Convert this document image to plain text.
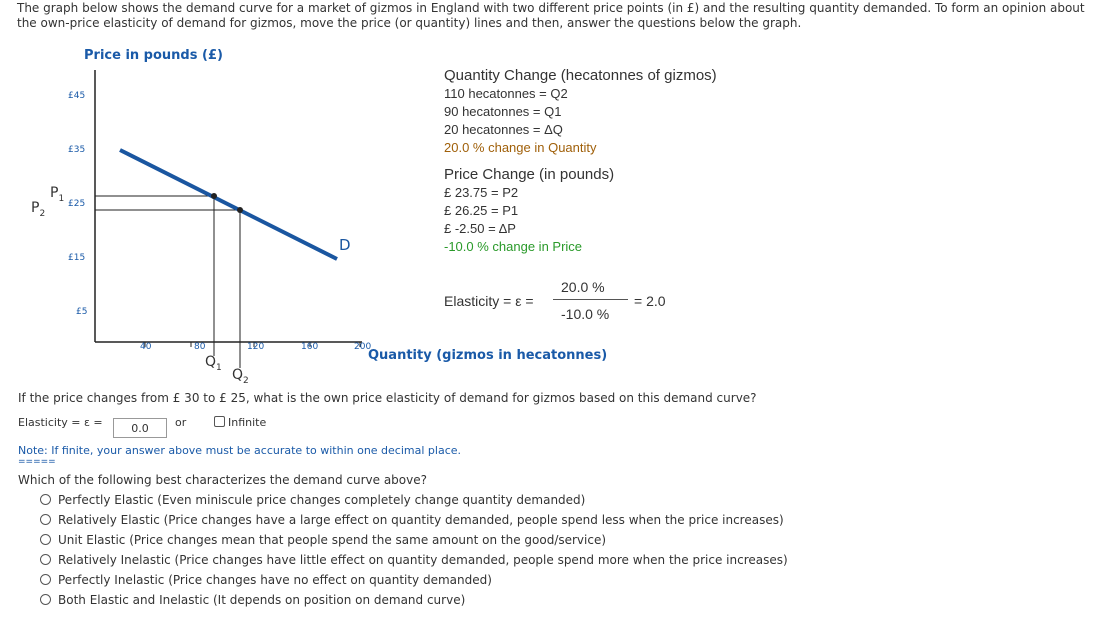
The graph below shows the demand curve for a market of gizmos in England with two different price points (in £) and the resulting quantity demanded. To form an opinion about the own-price elasticity of demand for gizmos, move the price (or quantity) lines and then, answer the questions below the graph.
Price in pounds (£)
£45
£35
£25
£15
£5
40	80	120	160	200
$P_1$
$P_2$
$Q_1$ $Q_2$
D
Quantity (gizmos in hecatonnes)
Quantity Change (hecatonnes of gizmos)
110 hecatonnes = Q2
90 hecatonnes = Q1
20 hecatonnes = ΔQ
20.0 % change in Quantity
Price Change (in pounds)
£ 23.75 = P2
£ 26.25 = P1
£ -2.50 = ΔP
-10.0 % change in Price
Elasticity = ε =
20.0 %
-10.0 %
= 2.0
If the price changes from £ 30 to £ 25, what is the own price elasticity of demand for gizmos based on this demand curve?
Elasticity = ε =	0.0	or	Infinite
Note: If finite, your answer above must be accurate to within one decimal place.
=====
Which of the following best characterizes the demand curve above?
Perfectly Elastic (Even miniscule price changes completely change quantity demanded)
Relatively Elastic (Price changes have a large effect on quantity demanded, people spend less when the price increases)
Unit Elastic (Price changes mean that people spend the same amount on the good/service)
Relatively Inelastic (Price changes have little effect on quantity demanded, people spend more when the price increases)
Perfectly Inelastic (Price changes have no effect on quantity demanded)
Both Elastic and Inelastic (It depends on position on demand curve)
